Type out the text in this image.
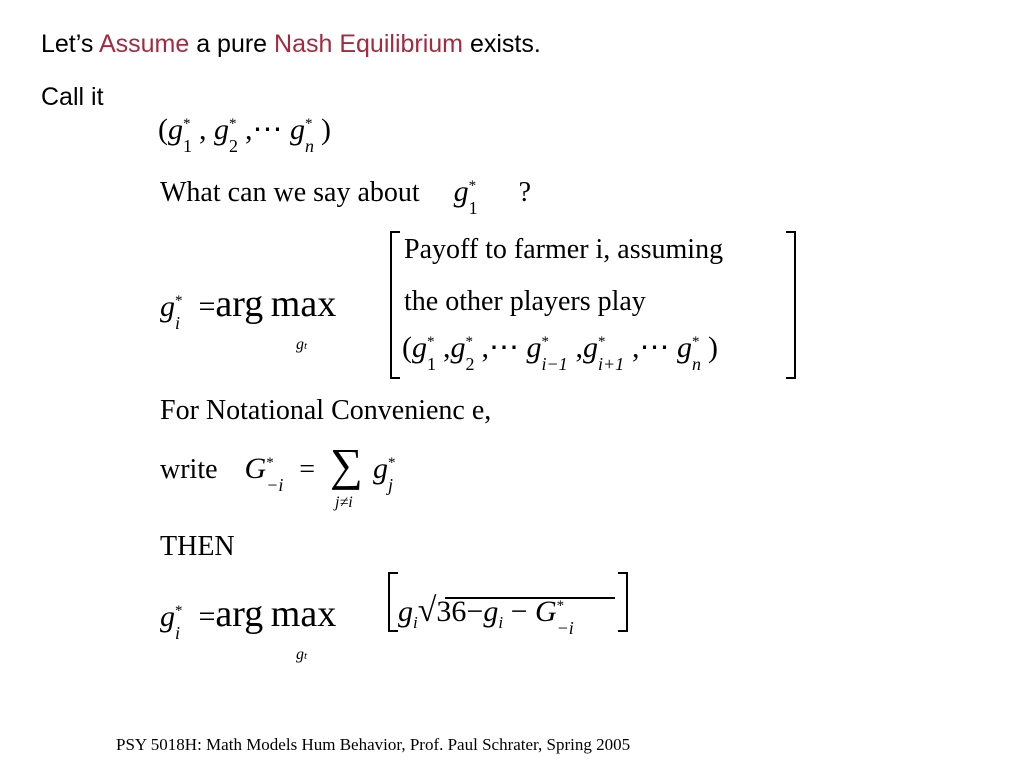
Let’s Assume a pure Nash Equilibrium exists.
Call it
(g *
1 , g *
2 ,⋯ g *
n )
What can we say about g *
1 ?
g *
i =arg max
gt
Payoff to farmer i, assuming
the other players play
(g *
1 ,g *
2 ,⋯ g *
i−1 ,g *
i+1 ,⋯ g *
n )
For Notational Convenienc e,
write G *
−i = ∑
j≠i
g *
j
THEN
g *
i =arg max
gt
$g_i√36-g_i - G$ *
−i
PSY 5018H: Math Models Hum Behavior, Prof. Paul Schrater, Spring 2005
